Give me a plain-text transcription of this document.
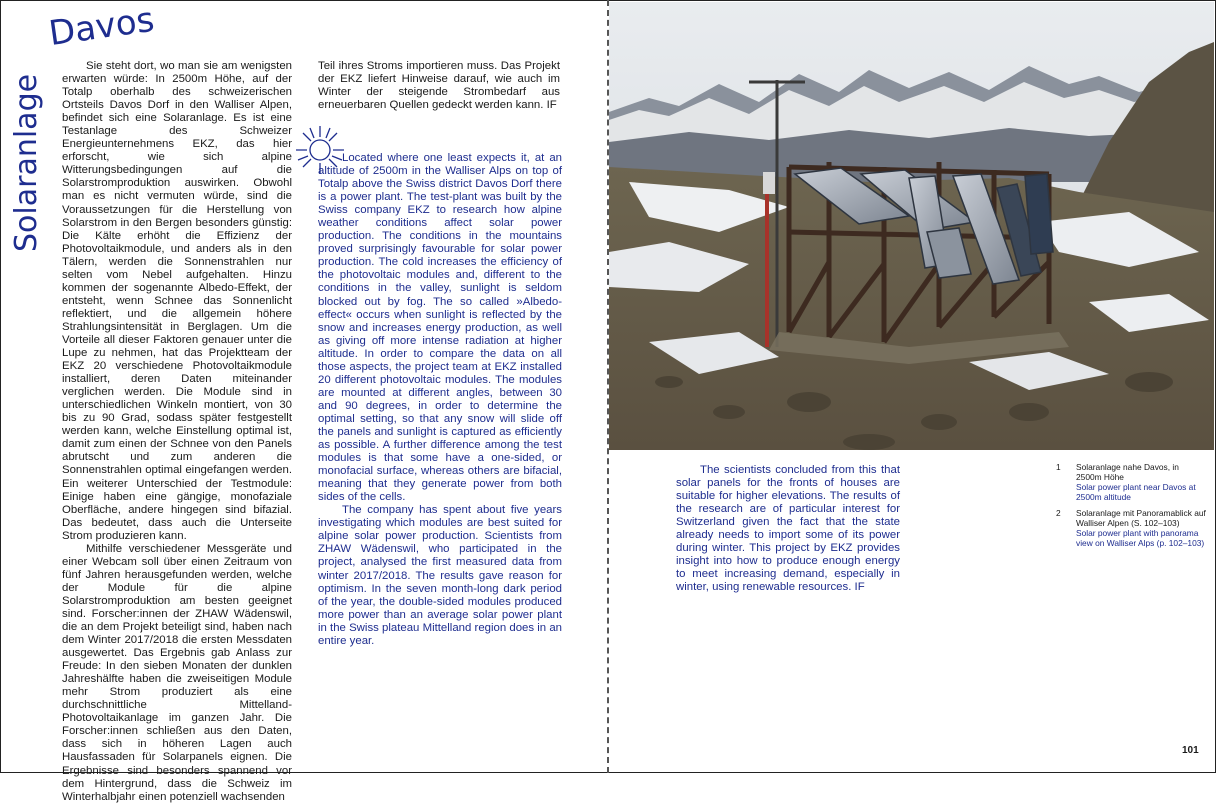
Davos
Solaranlage

Sie steht dort, wo man sie am wenigsten erwarten würde: In 2500m Höhe, auf der Totalp oberhalb des schweizerischen Ortsteils Davos Dorf in den Walliser Alpen, befindet sich eine Solaranlage. Es ist eine Testanlage des Schweizer Energieunternehmens EKZ, das hier erforscht, wie sich alpine Witterungsbedingungen auf die Solarstromproduktion auswirken. Obwohl man es nicht vermuten würde, sind die Voraussetzungen für die Herstellung von Solarstrom in den Bergen besonders günstig: Die Kälte erhöht die Effizienz der Photovoltaikmodule, und anders als in den Tälern, werden die Sonnenstrahlen nur selten vom Nebel aufgehalten. Hinzu kommen der sogenannte Albedo-Effekt, der entsteht, wenn Schnee das Sonnenlicht reflektiert, und die allgemein höhere Strahlungsintensität in Berglagen. Um die Vorteile all dieser Faktoren genauer unter die Lupe zu nehmen, hat das Projektteam der EKZ 20 verschiedene Photovoltaikmodule installiert, deren Daten miteinander verglichen werden. Die Module sind in unterschiedlichen Winkeln montiert, von 30 bis zu 90 Grad, sodass später festgestellt werden kann, welche Einstellung optimal ist, damit zum einen der Schnee von den Panels abrutscht und zum anderen die Sonnenstrahlen optimal eingefangen werden. Ein weiterer Unterschied der Testmodule: Einige haben eine gängige, monofaziale Oberfläche, andere hingegen sind bifazial. Das bedeutet, dass auch die Unterseite Strom produzieren kann.

Mithilfe verschiedener Messgeräte und einer Webcam soll über einen Zeitraum von fünf Jahren herausgefunden werden, welche der Module für die alpine Solarstromproduktion am besten geeignet sind. Forscher:innen der ZHAW Wädenswil, die an dem Projekt beteiligt sind, haben nach dem Winter 2017/2018 die ersten Messdaten ausgewertet. Das Ergebnis gab Anlass zur Freude: In den sieben Monaten der dunklen Jahreshälfte haben die zweiseitigen Module mehr Strom produziert als eine durchschnittliche Mittelland-Photovoltaikanlage im ganzen Jahr. Die Forscher:innen schließen aus den Daten, dass sich in höheren Lagen auch Hausfassaden für Solarpanels eignen. Die Ergebnisse sind besonders spannend vor dem Hintergrund, dass die Schweiz im Winterhalbjahr einen potenziell wachsenden

Teil ihres Stroms importieren muss. Das Projekt der EKZ liefert Hinweise darauf, wie auch im Winter der steigende Strombedarf aus erneuerbaren Quellen gedeckt werden kann. IF

Located where one least expects it, at an altitude of 2500m in the Walliser Alps on top of Totalp above the Swiss district Davos Dorf there is a power plant. The test-plant was built by the Swiss company EKZ to research how alpine weather conditions affect solar power production. The conditions in the mountains proved surprisingly favourable for solar power production. The cold increases the efficiency of the photovoltaic modules and, different to the conditions in the valley, sunlight is seldom blocked out by fog. The so called »Albedo- effect« occurs when sunlight is reflected by the snow and increases energy production, as well as giving off more intense radiation at higher altitude. In order to compare the data on all those aspects, the project team at EKZ installed 20 different photovoltaic modules. The modules are mounted at different angles, between 30 and 90 degrees, in order to determine the optimal setting, so that any snow will slide off the panels and sunlight is captured as efficiently as possible. A further difference among the test modules is that some have a one-sided, or monofacial surface, whereas others are bifacial, meaning that they generate power from both sides of the cells.

The company has spent about five years investigating which modules are best suited for alpine solar power production. Scientists from ZHAW Wädenswil, who participated in the project, analysed the first measured data from winter 2017/2018. The results gave reason for optimism. In the seven month-long dark period of the year, the double-sided modules produced more power than an average solar power plant in the Swiss plateau Mittelland region does in an entire year.

The scientists concluded from this that solar panels for the fronts of houses are suitable for higher elevations. The results of the research are of particular interest for Switzerland given the fact that the state already needs to import some of its power during winter. This project by EKZ provides insight into how to produce enough energy to meet increasing demand, especially in winter, using renewable resources. IF

1	Solaranlage nahe Davos, in 2500m Höhe
Solar power plant near Davos at 2500m altitude
2	Solaranlage mit Panoramablick auf Walliser Alpen (S. 102–103)
Solar power plant with panorama view on Walliser Alps (p. 102–103)
101
